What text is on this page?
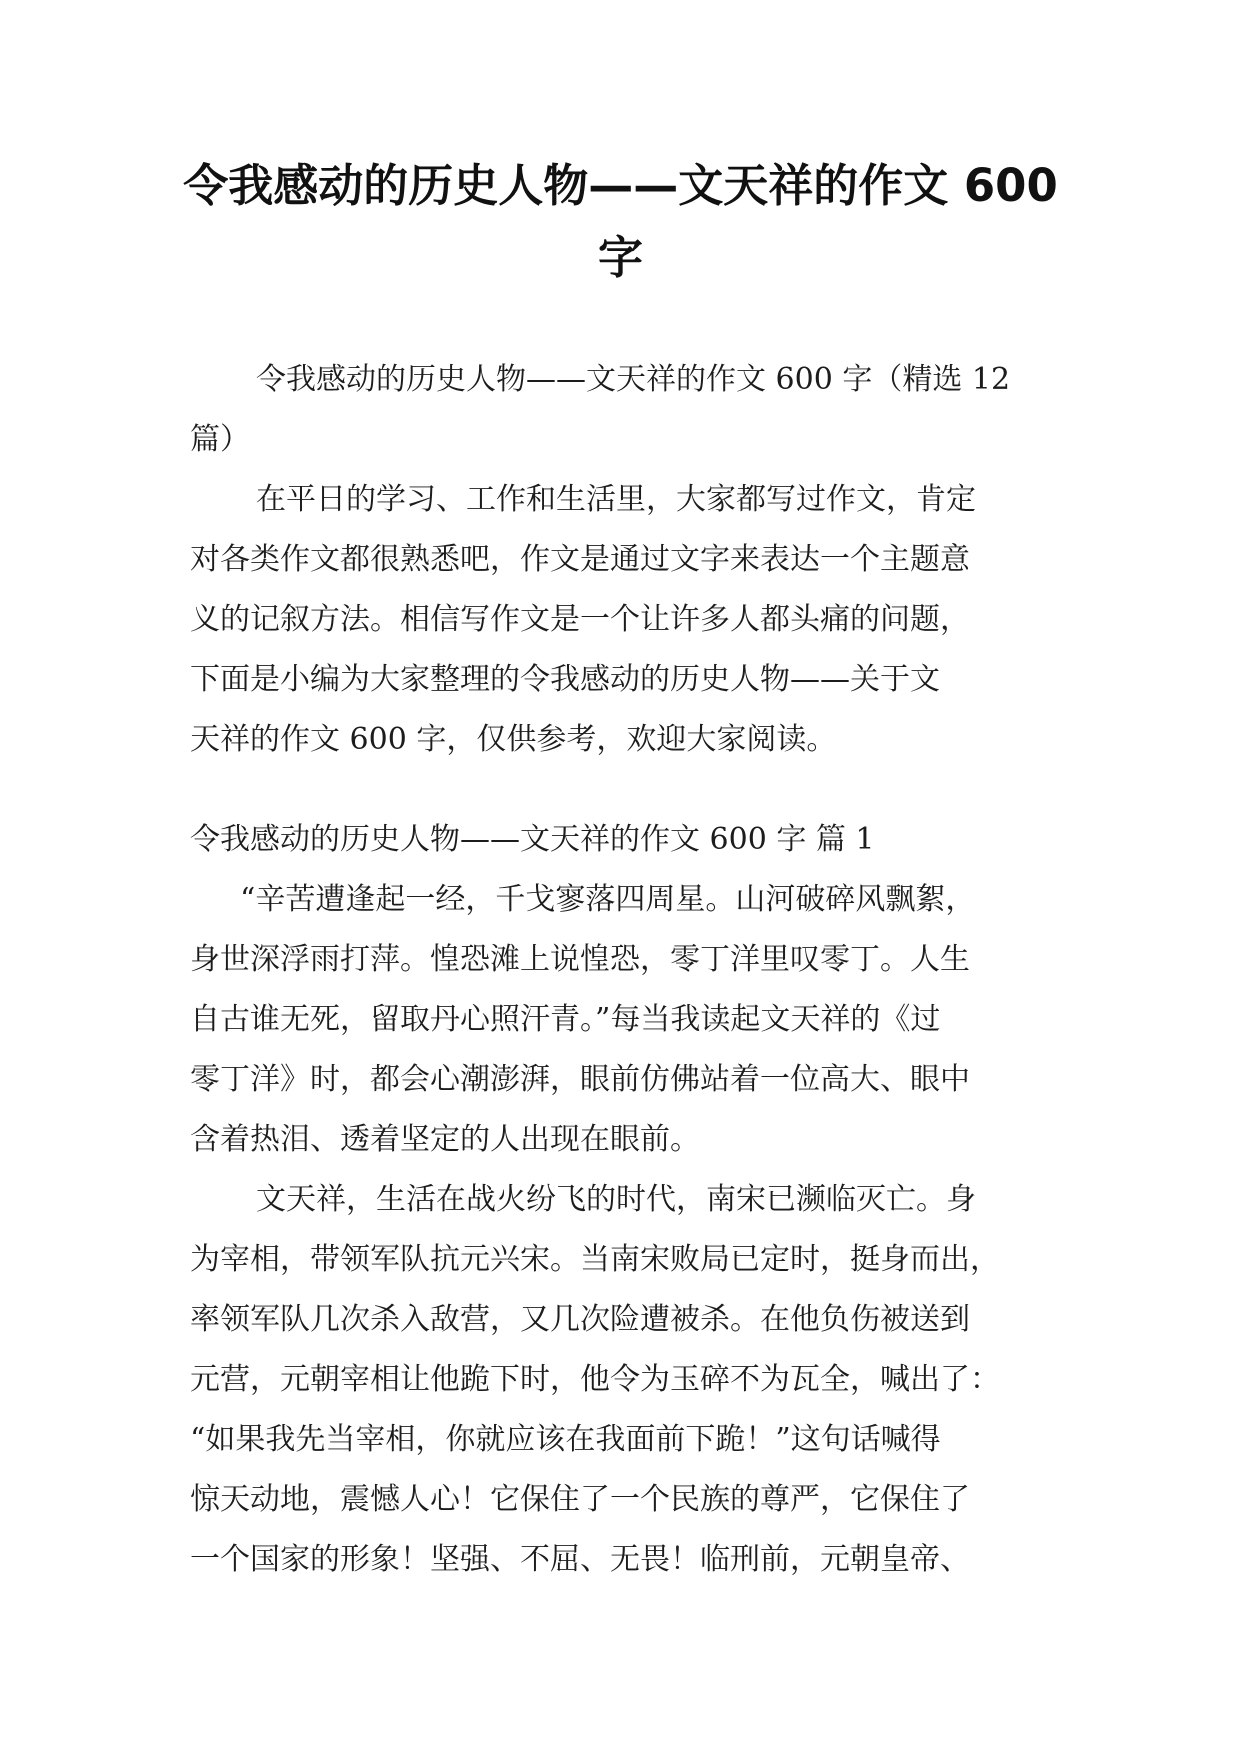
令我感动的历史人物——文天祥的作文 600
字
令我感动的历史人物——文天祥的作文 600 字（精选 12
篇）
在平日的学习、工作和生活里，大家都写过作文，肯定
对各类作文都很熟悉吧，作文是通过文字来表达一个主题意
义的记叙方法。相信写作文是一个让许多人都头痛的问题，
下面是小编为大家整理的令我感动的历史人物——关于文
天祥的作文 600 字，仅供参考，欢迎大家阅读。
令我感动的历史人物——文天祥的作文 600 字 篇 1
“辛苦遭逢起一经，千戈寥落四周星。山河破碎风飘絮，
身世深浮雨打萍。惶恐滩上说惶恐，零丁洋里叹零丁。人生
自古谁无死，留取丹心照汗青。”每当我读起文天祥的《过
零丁洋》时，都会心潮澎湃，眼前仿佛站着一位高大、眼中
含着热泪、透着坚定的人出现在眼前。
文天祥，生活在战火纷飞的时代，南宋已濒临灭亡。身
为宰相，带领军队抗元兴宋。当南宋败局已定时，挺身而出，
率领军队几次杀入敌营，又几次险遭被杀。在他负伤被送到
元营，元朝宰相让他跪下时，他令为玉碎不为瓦全，喊出了：
“如果我先当宰相，你就应该在我面前下跪！”这句话喊得
惊天动地，震憾人心！它保住了一个民族的尊严，它保住了
一个国家的形象！坚强、不屈、无畏！临刑前，元朝皇帝、
